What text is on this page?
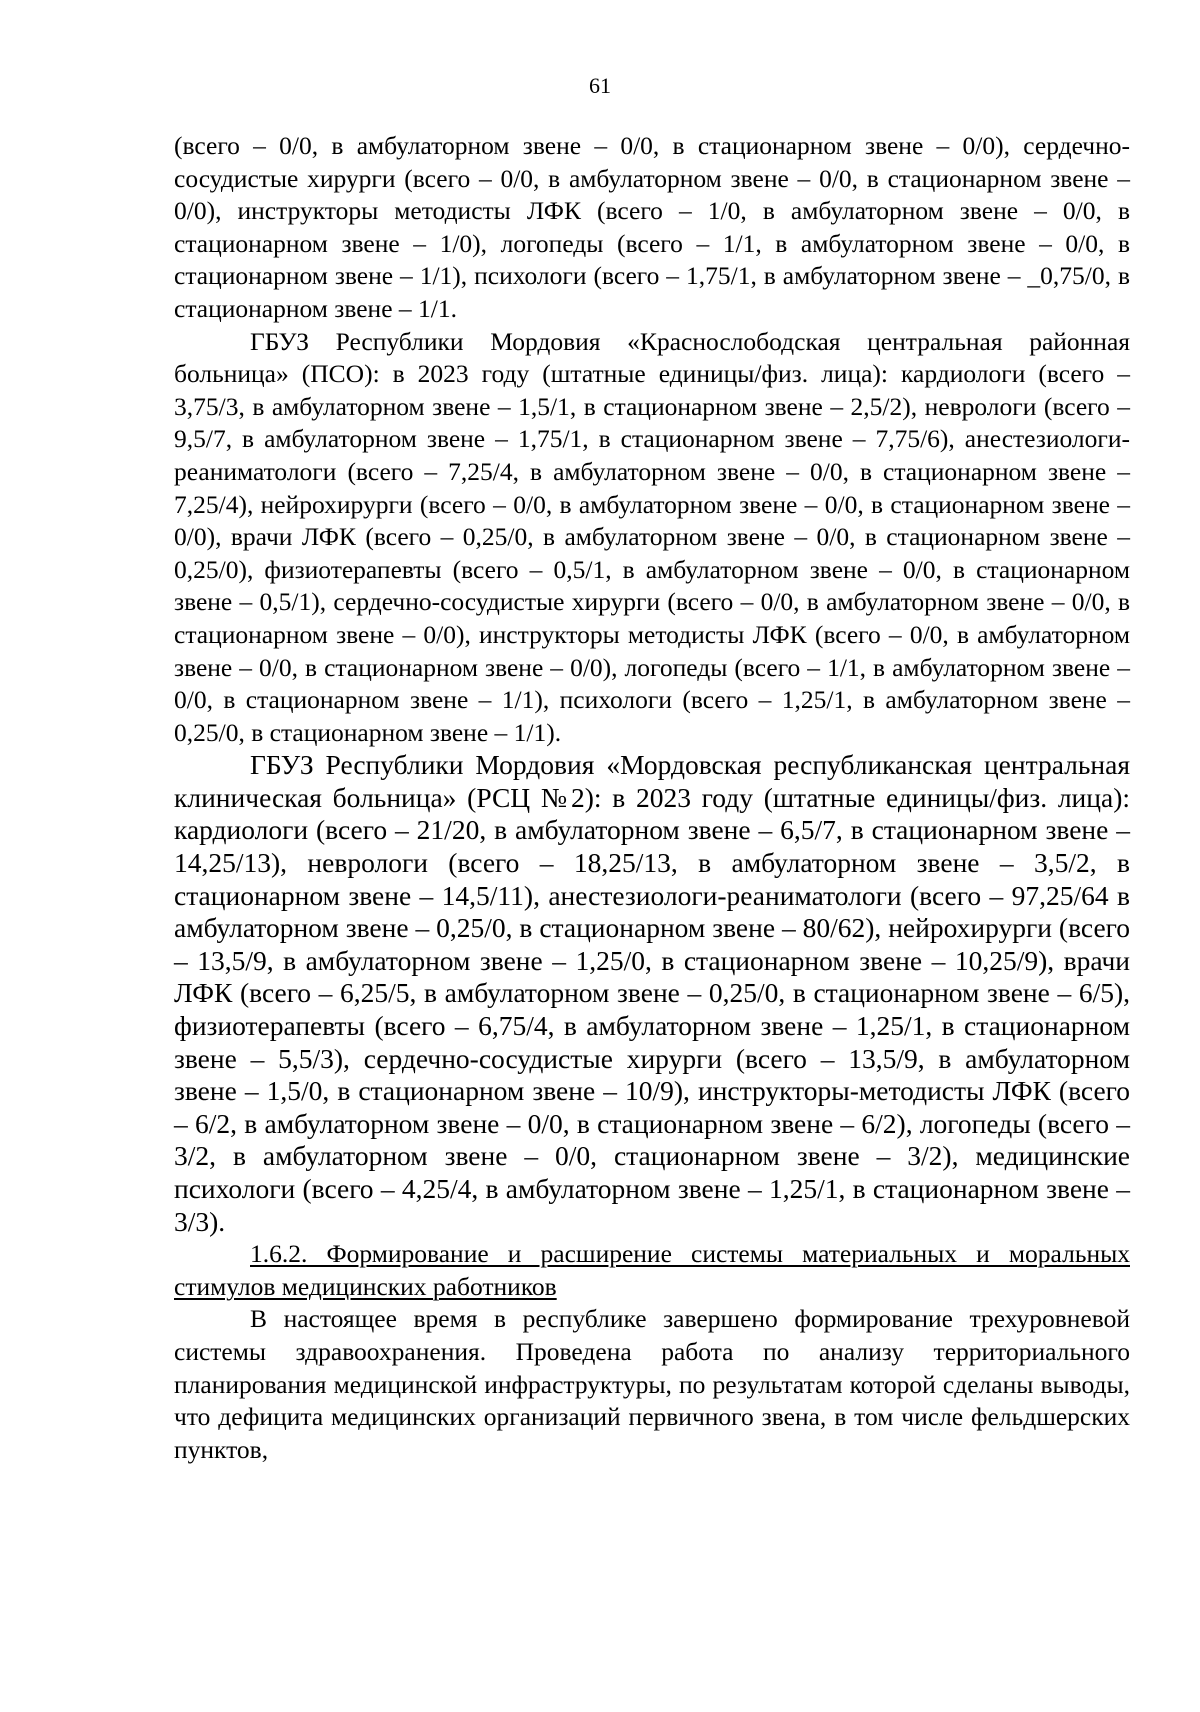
61

(всего – 0/0, в амбулаторном звене – 0/0, в стационарном звене – 0/0), сердечно-сосудистые хирурги (всего – 0/0, в амбулаторном звене – 0/0, в стационарном звене – 0/0), инструкторы методисты ЛФК (всего – 1/0, в амбулаторном звене – 0/0, в стационарном звене – 1/0), логопеды (всего – 1/1, в амбулаторном звене – 0/0, в стационарном звене – 1/1), психологи (всего – 1,75/1, в амбулаторном звене – _0,75/0, в стационарном звене – 1/1.

ГБУЗ Республики Мордовия «Краснослободская центральная районная больница» (ПСО): в 2023 году (штатные единицы/физ. лица): кардиологи (всего – 3,75/3, в амбулаторном звене – 1,5/1, в стационарном звене – 2,5/2), неврологи (всего – 9,5/7, в амбулаторном звене – 1,75/1, в стационарном звене – 7,75/6), анестезиологи-реаниматологи (всего – 7,25/4, в амбулаторном звене – 0/0, в стационарном звене – 7,25/4), нейрохирурги (всего – 0/0, в амбулаторном звене – 0/0, в стационарном звене – 0/0), врачи ЛФК (всего – 0,25/0, в амбулаторном звене – 0/0, в стационарном звене – 0,25/0), физиотерапевты (всего – 0,5/1, в амбулаторном звене – 0/0, в стационарном звене – 0,5/1), сердечно-сосудистые хирурги (всего – 0/0, в амбулаторном звене – 0/0, в стационарном звене – 0/0), инструкторы методисты ЛФК (всего – 0/0, в амбулаторном звене – 0/0, в стационарном звене – 0/0), логопеды (всего – 1/1, в амбулаторном звене – 0/0, в стационарном звене – 1/1), психологи (всего – 1,25/1, в амбулаторном звене – 0,25/0, в стационарном звене – 1/1).

ГБУЗ Республики Мордовия «Мордовская республиканская центральная клиническая больница» (РСЦ №2): в 2023 году (штатные единицы/физ. лица): кардиологи (всего – 21/20, в амбулаторном звене – 6,5/7, в стационарном звене – 14,25/13), неврологи (всего – 18,25/13, в амбулаторном звене – 3,5/2, в стационарном звене – 14,5/11), анестезиологи-реаниматологи (всего – 97,25/64 в амбулаторном звене – 0,25/0, в стационарном звене – 80/62), нейрохирурги (всего – 13,5/9, в амбулаторном звене – 1,25/0, в стационарном звене – 10,25/9), врачи ЛФК (всего – 6,25/5, в амбулаторном звене – 0,25/0, в стационарном звене – 6/5), физиотерапевты (всего – 6,75/4, в амбулаторном звене – 1,25/1, в стационарном звене – 5,5/3), сердечно-сосудистые хирурги (всего – 13,5/9, в амбулаторном звене – 1,5/0, в стационарном звене – 10/9), инструкторы-методисты ЛФК (всего – 6/2, в амбулаторном звене – 0/0, в стационарном звене – 6/2), логопеды (всего – 3/2, в амбулаторном звене – 0/0, стационарном звене – 3/2), медицинские психологи (всего – 4,25/4, в амбулаторном звене – 1,25/1, в стационарном звене – 3/3).

1.6.2. Формирование и расширение системы материальных и моральных стимулов медицинских работников

В настоящее время в республике завершено формирование трехуровневой системы здравоохранения. Проведена работа по анализу территориального планирования медицинской инфраструктуры, по результатам которой сделаны выводы, что дефицита медицинских организаций первичного звена, в том числе фельдшерских пунктов,
